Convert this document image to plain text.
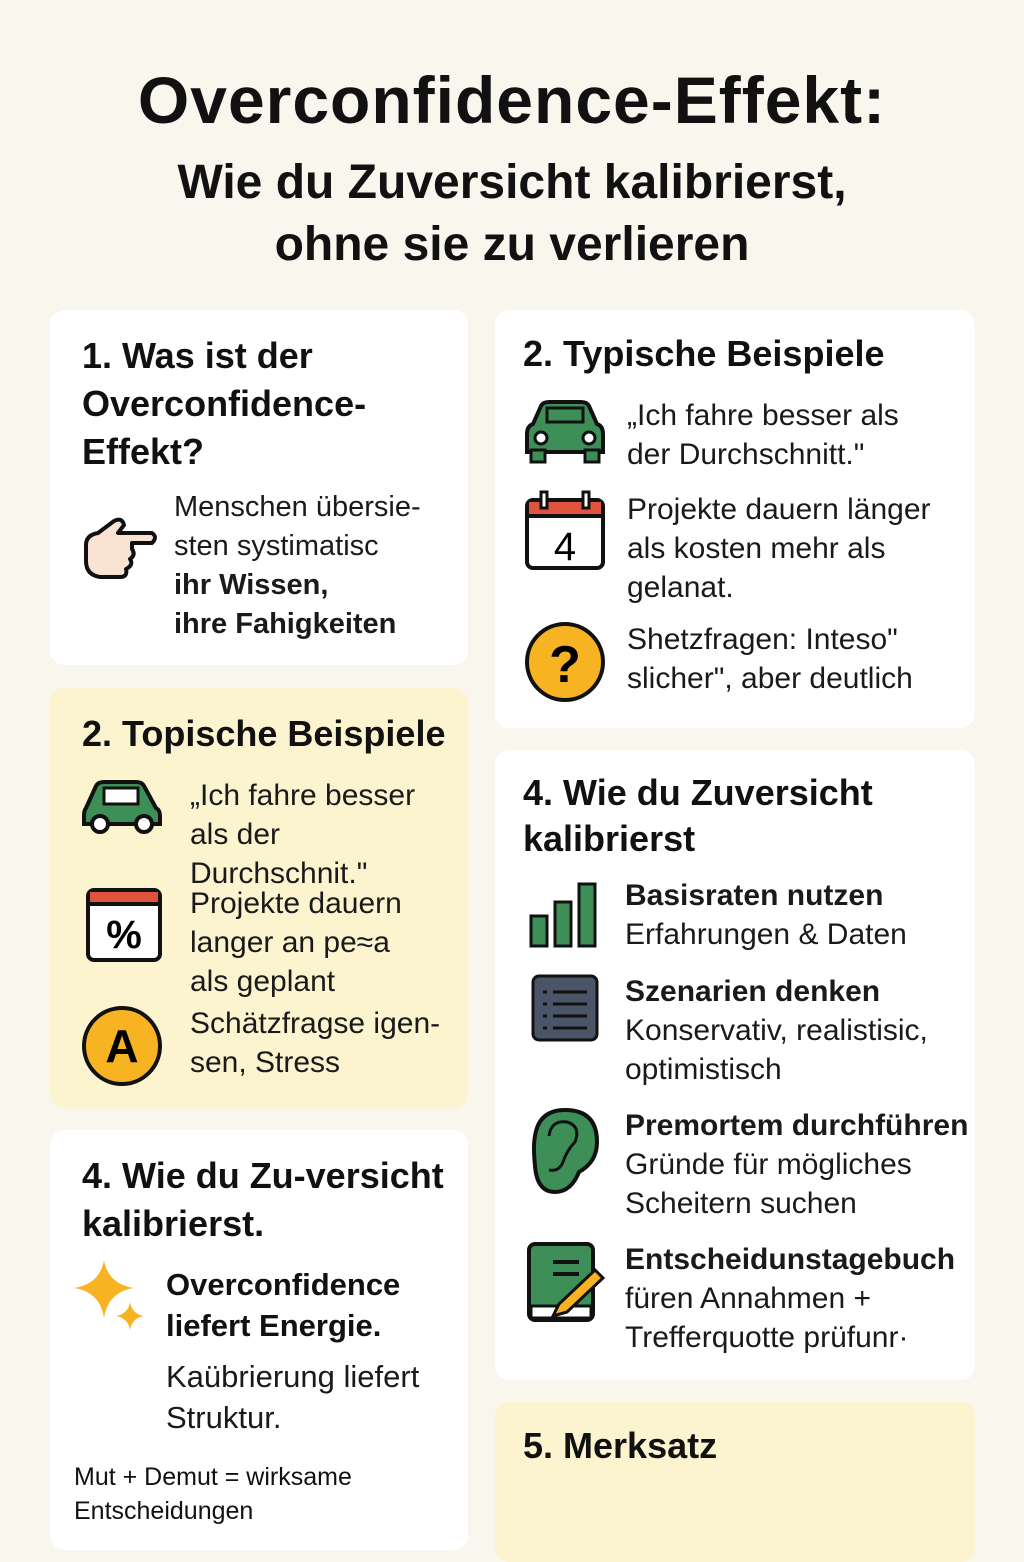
Overconfidence-Effekt:
Wie du Zuversicht kalibrierst, ohne sie zu verlieren
1. Was ist der Overconfidence-Effekt?
Menschen übersie-
sten systimatisc
ihr Wissen,
ihre Fahigkeiten
2. Topische Beispiele
„Ich fahre besser als der Durchschnit."
%
Projekte dauern langer an pe≈a als geplant
A Schätzfragse igen-sen, Stress
4. Wie du Zu-versicht kalibrierst.
Overconfidence liefert Energie.
Kaübrierung liefert Struktur.
Mut + Demut = wirksame Entscheidungen
2. Typische Beispiele
„Ich fahre besser als der Durchschnitt."
4
Projekte dauern länger als kosten mehr als gelanat.
? Shetzfragen: Inteso" slicher", aber deutlich
4. Wie du Zuversicht kalibrierst
Basisraten nutzen
Erfahrungen & Daten
Szenarien denken
Konservativ, realistisic, optimistisch
Premortem durchführen
Gründe für mögliches Scheitern suchen
Entscheidunstagebuch
füren Annahmen + Trefferquotte prüfunr·
5. Merksatz
